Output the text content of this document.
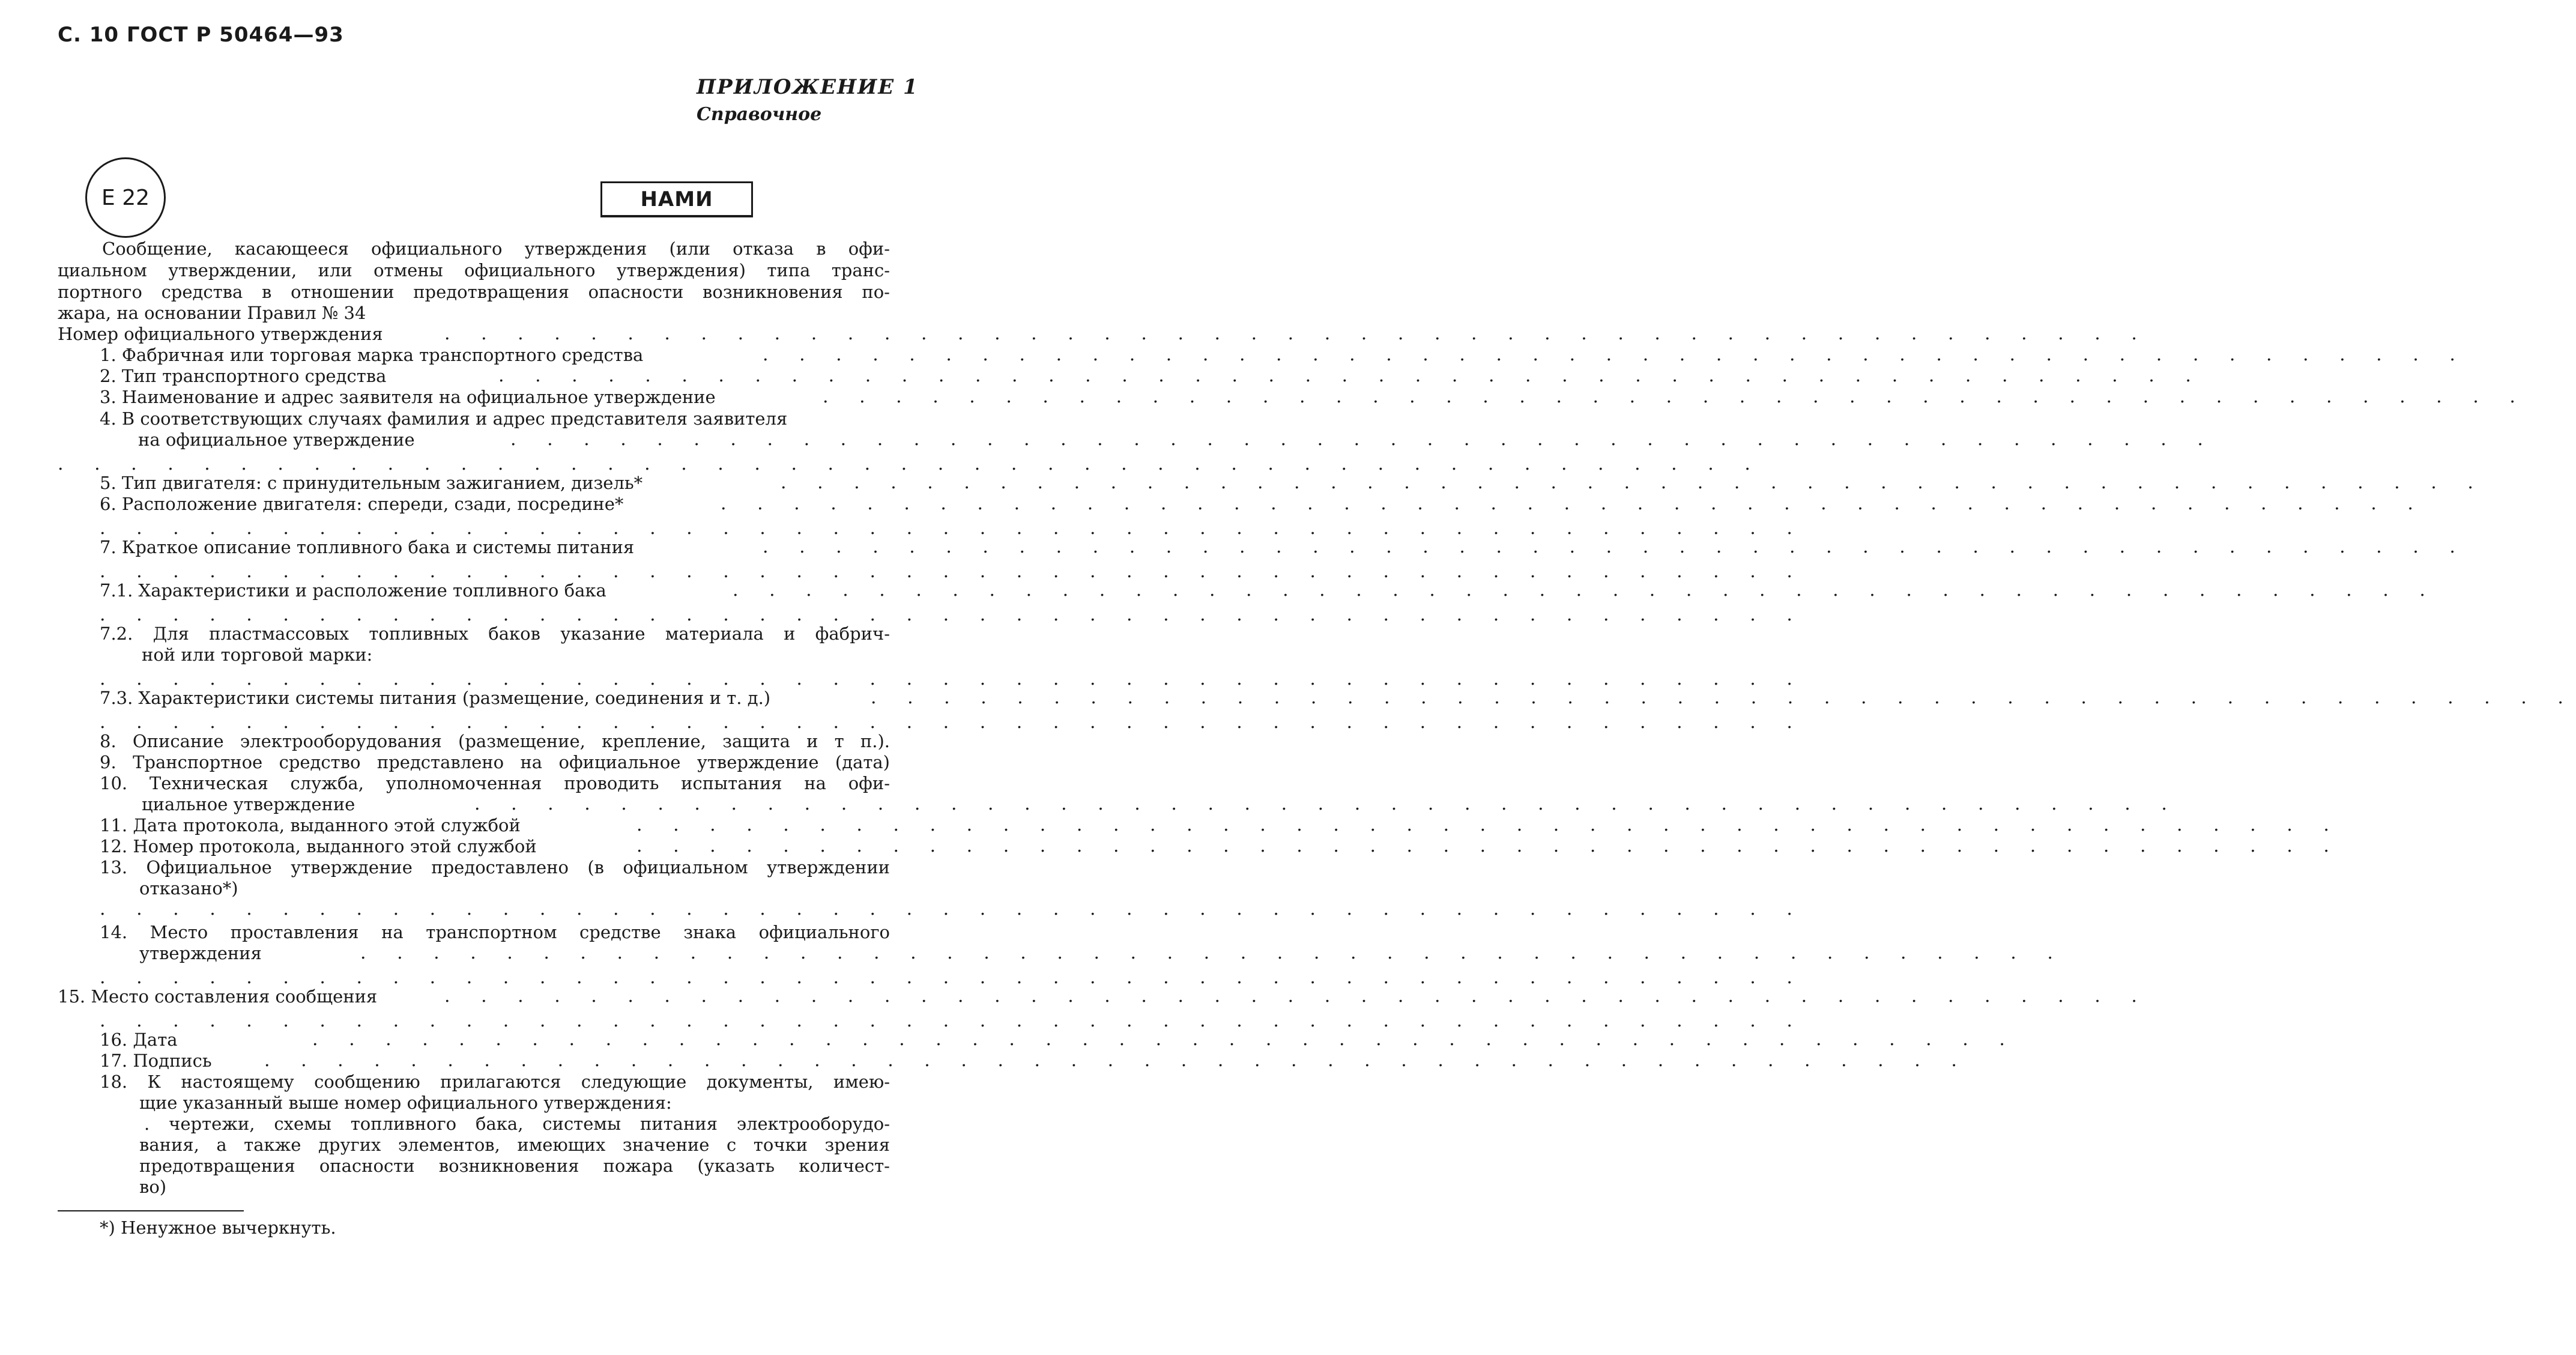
С. 10 ГОСТ Р 50464—93
ПРИЛОЖЕНИЕ 1
Справочное
E 22	НАМИ
Сообщение, касающееся официального утверждения (или отказа в офи-
циальном утверждении, или отмены официального утверждения) типа транс-
портного средства в отношении предотвращения опасности возникновения по-
жара, на основании Правил № 34
Номер официального утверждения	. . . . . . . . . . . . . . . . . . . . . . . . . . . . . . . . . . . . . . . . . . . . . . .
1. Фабричная или торговая марка транспортного средства	. . . . . . . . . . . . . . . . . . . . . . . . . . . . . . . . . . . . . . . . . . . . . . .
2. Тип транспортного средства	. . . . . . . . . . . . . . . . . . . . . . . . . . . . . . . . . . . . . . . . . . . . . . .
3. Наименование и адрес заявителя на официальное утверждение	. . . . . . . . . . . . . . . . . . . . . . . . . . . . . . . . . . . . . . . . . . . . . . .
4. В соответствующих случаях фамилия и адрес представителя заявителя
на официальное утверждение	. . . . . . . . . . . . . . . . . . . . . . . . . . . . . . . . . . . . . . . . . . . . . . .
. . . . . . . . . . . . . . . . . . . . . . . . . . . . . . . . . . . . . . . . . . . . . . .
5. Тип двигателя: с принудительным зажиганием, дизель*	. . . . . . . . . . . . . . . . . . . . . . . . . . . . . . . . . . . . . . . . . . . . . . .
6. Расположение двигателя: спереди, сзади, посредине*	. . . . . . . . . . . . . . . . . . . . . . . . . . . . . . . . . . . . . . . . . . . . . . .
. . . . . . . . . . . . . . . . . . . . . . . . . . . . . . . . . . . . . . . . . . . . . . .
7. Краткое описание топливного бака и системы питания	. . . . . . . . . . . . . . . . . . . . . . . . . . . . . . . . . . . . . . . . . . . . . . .
. . . . . . . . . . . . . . . . . . . . . . . . . . . . . . . . . . . . . . . . . . . . . . .
7.1. Характеристики и расположение топливного бака	. . . . . . . . . . . . . . . . . . . . . . . . . . . . . . . . . . . . . . . . . . . . . . .
. . . . . . . . . . . . . . . . . . . . . . . . . . . . . . . . . . . . . . . . . . . . . . .
7.2. Для пластмассовых топливных баков указание материала и фабрич-
ной или торговой марки:
. . . . . . . . . . . . . . . . . . . . . . . . . . . . . . . . . . . . . . . . . . . . . . .
7.3. Характеристики системы питания (размещение, соединения и т. д.)	. . . . . . . . . . . . . . . . . . . . . . . . . . . . . . . . . . . . . . . . . . . . . . .
. . . . . . . . . . . . . . . . . . . . . . . . . . . . . . . . . . . . . . . . . . . . . . .
8. Описание электрооборудования (размещение, крепление, защита и т п.).
9. Транспортное средство представлено на официальное утверждение (дата)
10. Техническая служба, уполномоченная проводить испытания на офи-
циальное утверждение	. . . . . . . . . . . . . . . . . . . . . . . . . . . . . . . . . . . . . . . . . . . . . . .
11. Дата протокола, выданного этой службой	. . . . . . . . . . . . . . . . . . . . . . . . . . . . . . . . . . . . . . . . . . . . . . .
12. Номер протокола, выданного этой службой	. . . . . . . . . . . . . . . . . . . . . . . . . . . . . . . . . . . . . . . . . . . . . . .
13. Официальное утверждение предоставлено (в официальном утверждении
отказано*)
. . . . . . . . . . . . . . . . . . . . . . . . . . . . . . . . . . . . . . . . . . . . . . .
14. Место проставления на транспортном средстве знака официального
утверждения	. . . . . . . . . . . . . . . . . . . . . . . . . . . . . . . . . . . . . . . . . . . . . . .
. . . . . . . . . . . . . . . . . . . . . . . . . . . . . . . . . . . . . . . . . . . . . . .
15. Место составления сообщения	. . . . . . . . . . . . . . . . . . . . . . . . . . . . . . . . . . . . . . . . . . . . . . .
. . . . . . . . . . . . . . . . . . . . . . . . . . . . . . . . . . . . . . . . . . . . . . .
16. Дата	. . . . . . . . . . . . . . . . . . . . . . . . . . . . . . . . . . . . . . . . . . . . . . .
17. Подпись	. . . . . . . . . . . . . . . . . . . . . . . . . . . . . . . . . . . . . . . . . . . . . . .
18. К настоящему сообщению прилагаются следующие документы, имею-
щие указанный выше номер официального утверждения:
. чертежи, схемы топливного бака, системы питания электрооборудо-
вания, а также других элементов, имеющих значение с точки зрения
предотвращения опасности возникновения пожара (указать количест-
во)
*) Ненужное вычеркнуть.
